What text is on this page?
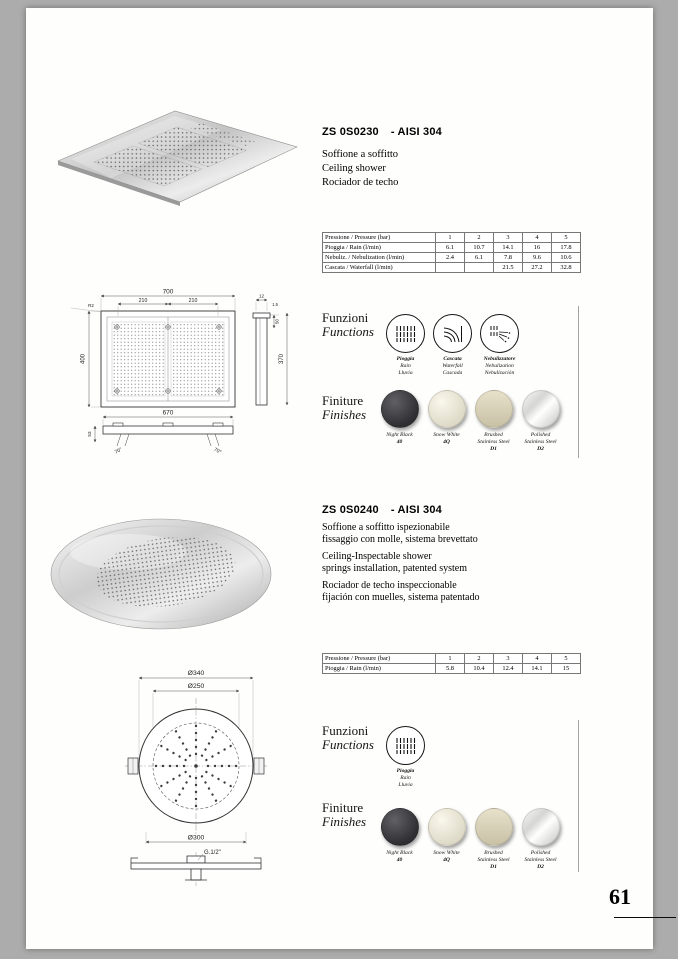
ZS 0S0230 - AISI 304
Soffione a soffitto
Ceiling shower
Rociador de techo
Pressione / Pressure (bar)	1	2	3	4	5
Pioggia / Rain (l/min)	6.1	10.7	14.1	16	17.8
Nebuliz. / Nebulization (l/min)	2.4	6.1	7.8	9.6	10.6
Cascata / Waterfall (l/min)			21.5	27.2	32.8
700
210	210
R2
400
12
1.5
50
370
670
53
70°	70°
Funzioni
Functions
Pioggia
Rain
Lluvia
Cascata
Waterfall
Cascada
Nebulizzatore
Nebulization
Nebulización
Finiture
Finishes
Night Black
40
Snow White
4Q
Brushed
Stainless Steel
D1
Polished
Stainless Steel
D2
ZS 0S0240 - AISI 304
Soffione a soffitto ispezionabile
fissaggio con molle, sistema brevettato
Ceiling-Inspectable shower
springs installation, patented system
Rociador de techo inspeccionable
fijación con muelles, sistema patentado
Pressione / Pressure (bar)	1	2	3	4	5
Pioggia / Rain (l/min)	5.8	10.4	12.4	14.1	15
Ø340
Ø250
Ø300
G.1/2"
Funzioni
Functions
Pioggia
Rain
Lluvia
Finiture
Finishes
Night Black
40
Snow White
4Q
Brushed
Stainless Steel
D1
Polished
Stainless Steel
D2
61
